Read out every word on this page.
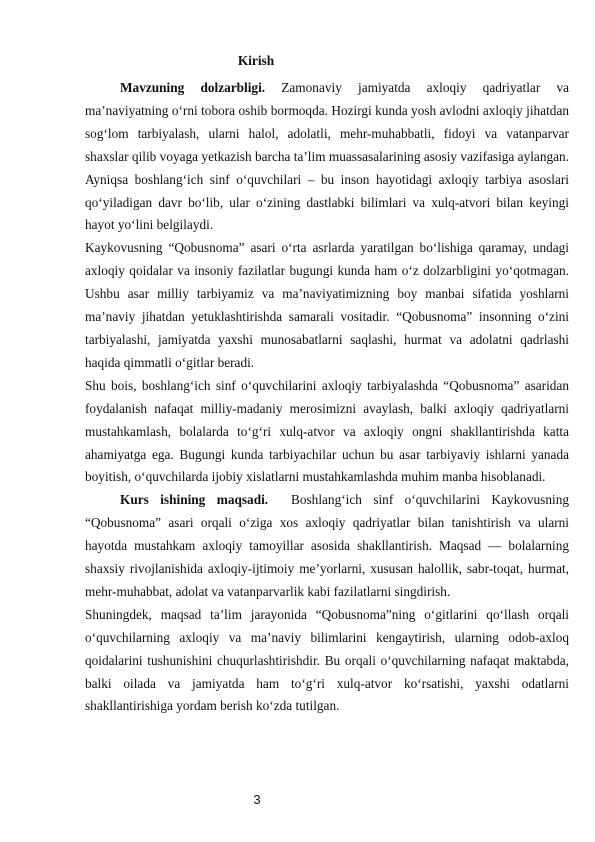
Kirish

Mavzuning dolzarbligi. Zamonaviy jamiyatda axloqiy qadriyatlar va ma’naviyatning o‘rni tobora oshib bormoqda. Hozirgi kunda yosh avlodni axloqiy jihatdan sog‘lom tarbiyalash, ularni halol, adolatli, mehr-muhabbatli, fidoyi va vatanparvar shaxslar qilib voyaga yetkazish barcha ta’lim muassasalarining asosiy vazifasiga aylangan. Ayniqsa boshlang‘ich sinf o‘quvchilari – bu inson hayotidagi axloqiy tarbiya asoslari qo‘yiladigan davr bo‘lib, ular o‘zining dastlabki bilimlari va xulq-atvori bilan keyingi hayot yo‘lini belgilaydi.

Kaykovusning “Qobusnoma” asari o‘rta asrlarda yaratilgan bo‘lishiga qaramay, undagi axloqiy qoidalar va insoniy fazilatlar bugungi kunda ham o‘z dolzarbligini yo‘qotmagan. Ushbu asar milliy tarbiyamiz va ma’naviyatimizning boy manbai sifatida yoshlarni ma’naviy jihatdan yetuklashtirishda samarali vositadir. “Qobusnoma” insonning o‘zini tarbiyalashi, jamiyatda yaxshi munosabatlarni saqlashi, hurmat va adolatni qadrlashi haqida qimmatli o‘gitlar beradi.

Shu bois, boshlang‘ich sinf o‘quvchilarini axloqiy tarbiyalashda “Qobusnoma” asaridan foydalanish nafaqat milliy-madaniy merosimizni avaylash, balki axloqiy qadriyatlarni mustahkamlash, bolalarda to‘g‘ri xulq-atvor va axloqiy ongni shakllantirishda katta ahamiyatga ega. Bugungi kunda tarbiyachilar uchun bu asar tarbiyaviy ishlarni yanada boyitish, o‘quvchilarda ijobiy xislatlarni mustahkamlashda muhim manba hisoblanadi.

Kurs ishining maqsadi. Boshlang‘ich sinf o‘quvchilarini Kaykovusning “Qobusnoma” asari orqali o‘ziga xos axloqiy qadriyatlar bilan tanishtirish va ularni hayotda mustahkam axloqiy tamoyillar asosida shakllantirish. Maqsad — bolalarning shaxsiy rivojlanishida axloqiy-ijtimoiy me’yorlarni, xususan halollik, sabr-toqat, hurmat, mehr-muhabbat, adolat va vatanparvarlik kabi fazilatlarni singdirish.

Shuningdek, maqsad ta’lim jarayonida “Qobusnoma”ning o‘gitlarini qo‘llash orqali o‘quvchilarning axloqiy va ma’naviy bilimlarini kengaytirish, ularning odob-axloq qoidalarini tushunishini chuqurlashtirishdir. Bu orqali o‘quvchilarning nafaqat maktabda, balki oilada va jamiyatda ham to‘g‘ri xulq-atvor ko‘rsatishi, yaxshi odatlarni shakllantirishiga yordam berish ko‘zda tutilgan.

3
